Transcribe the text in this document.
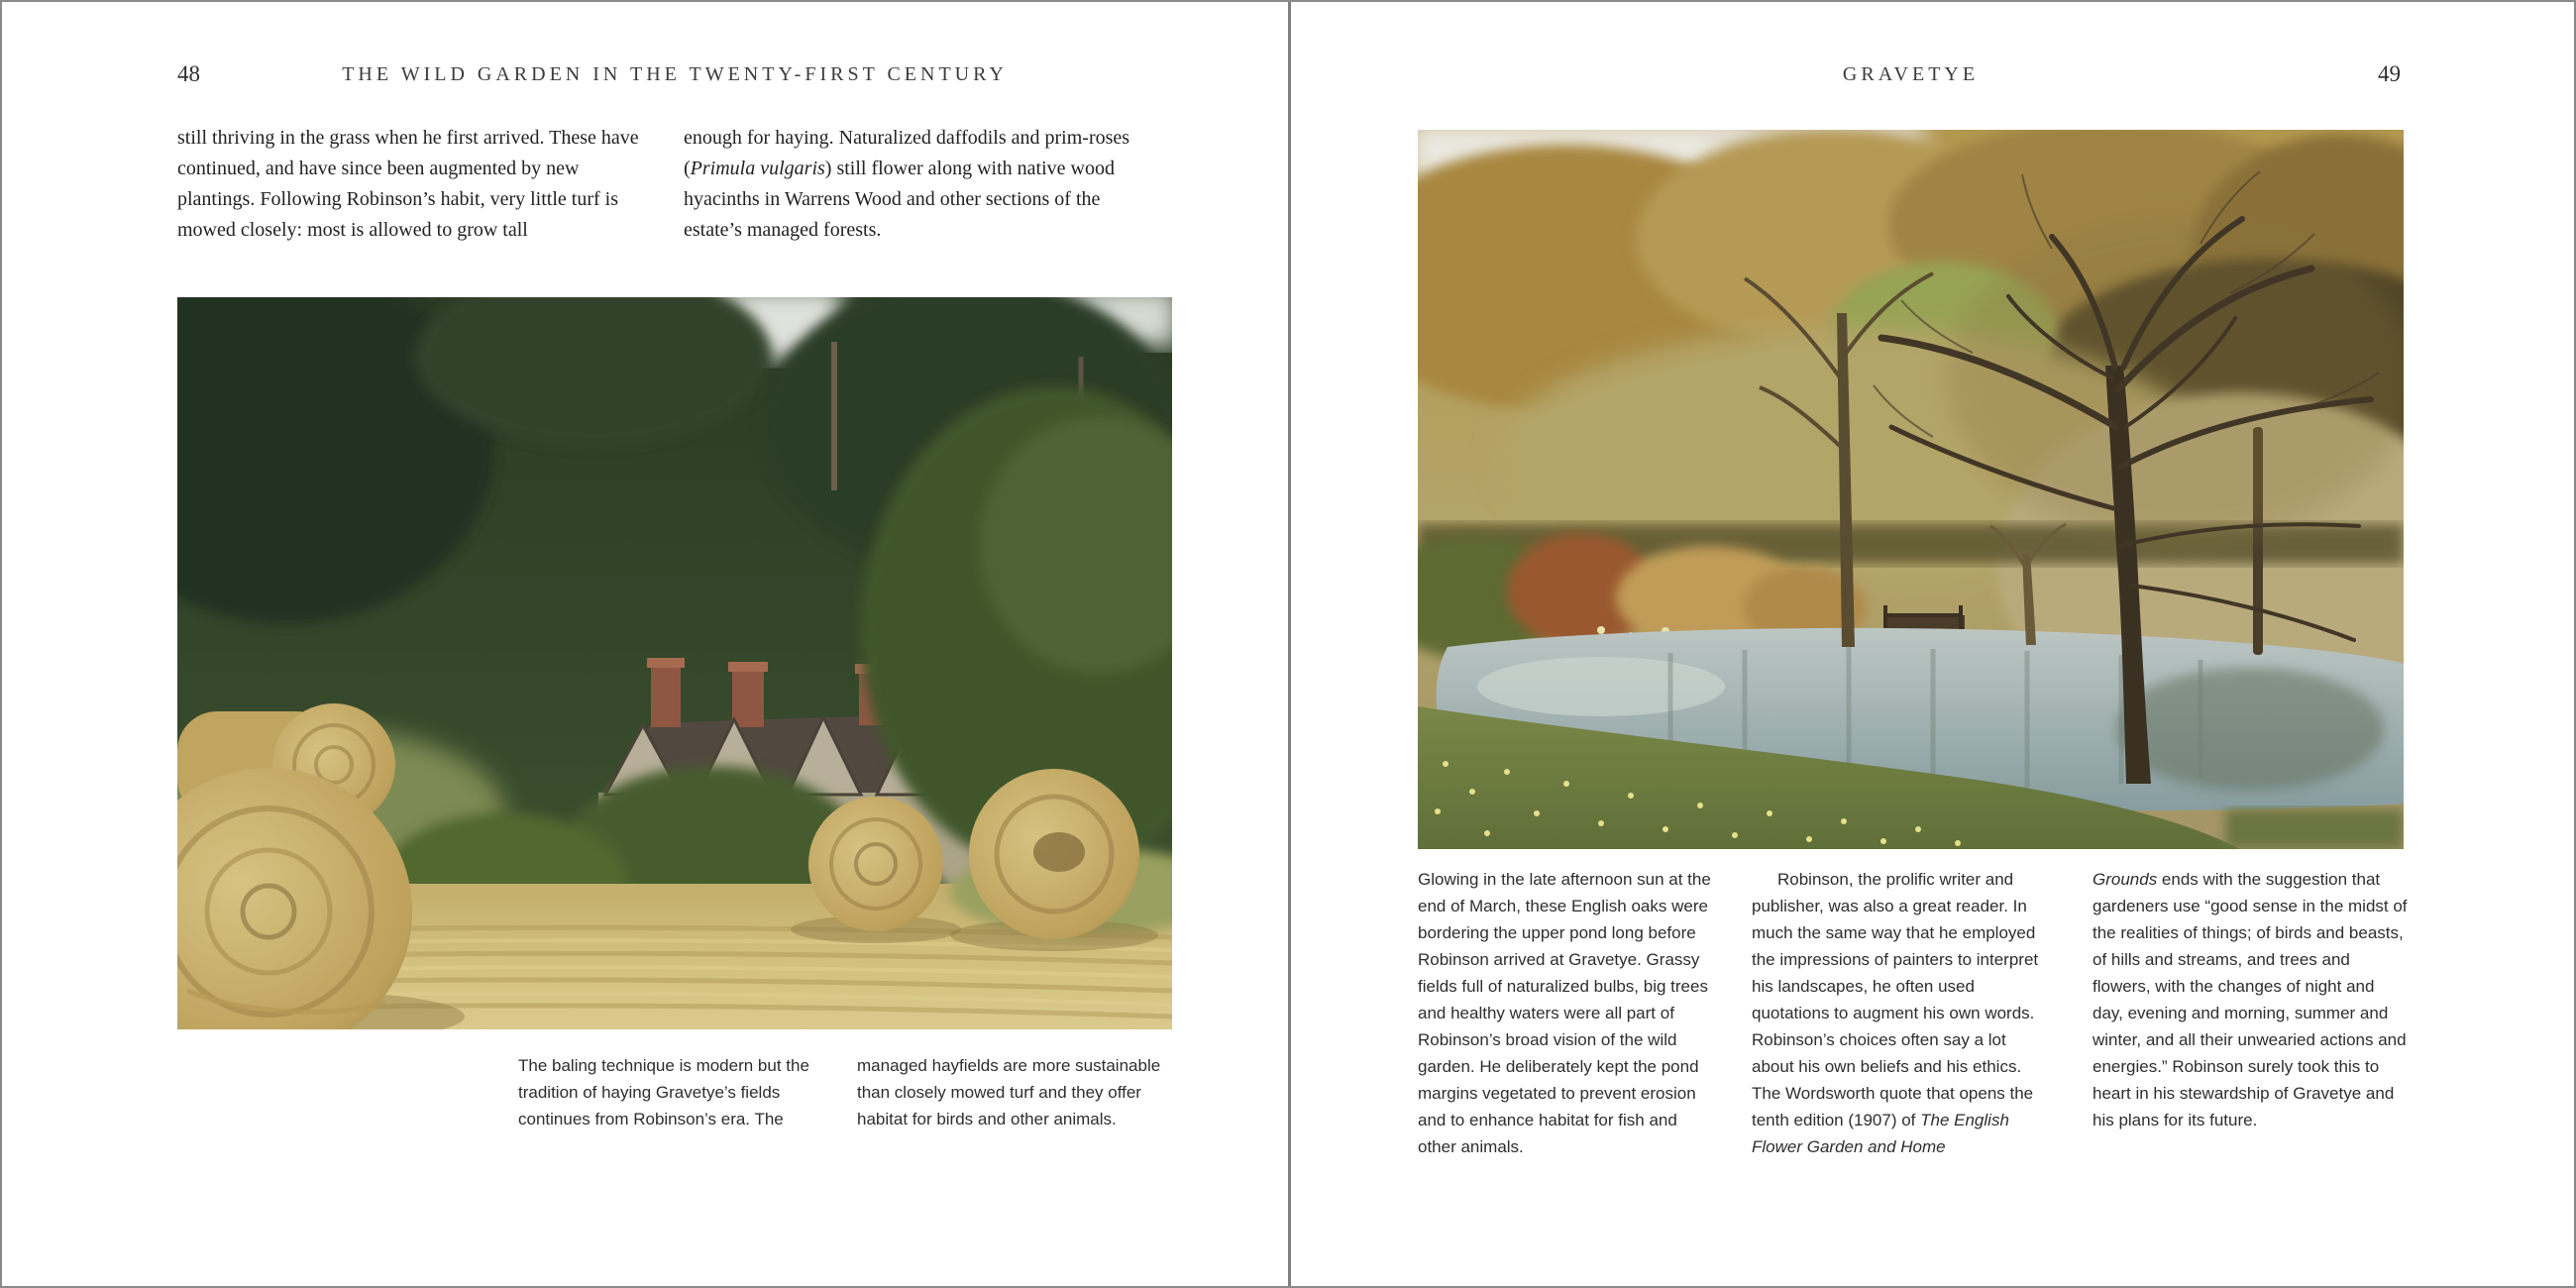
48	THE WILD GARDEN IN THE TWENTY-FIRST CENTURY

still thriving in the grass when he first arrived. These have continued, and have since been augmented by new plantings. Following Robinson’s habit, very little turf is mowed closely: most is allowed to grow tall

enough for haying. Naturalized daffodils and prim-roses (Primula vulgaris) still flower along with native wood hyacinths in Warrens Wood and other sections of the estate’s managed forests.

The baling technique is modern but the tradition of haying Gravetye’s fields continues from Robinson’s era. The

managed hayfields are more sustainable than closely mowed turf and they offer habitat for birds and other animals.

GRAVETYE	49

Glowing in the late afternoon sun at the end of March, these English oaks were bordering the upper pond long before Robinson arrived at Gravetye. Grassy fields full of naturalized bulbs, big trees and healthy waters were all part of Robinson’s broad vision of the wild garden. He deliberately kept the pond margins vegetated to prevent erosion and to enhance habitat for fish and other animals.

Robinson, the prolific writer and publisher, was also a great reader. In much the same way that he employed the impressions of painters to interpret his landscapes, he often used quotations to augment his own words. Robinson’s choices often say a lot about his own beliefs and his ethics. The Wordsworth quote that opens the tenth edition (1907) of The English Flower Garden and Home

Grounds ends with the suggestion that gardeners use “good sense in the midst of the realities of things; of birds and beasts, of hills and streams, and trees and flowers, with the changes of night and day, evening and morning, summer and winter, and all their unwearied actions and energies.” Robinson surely took this to heart in his stewardship of Gravetye and his plans for its future.
